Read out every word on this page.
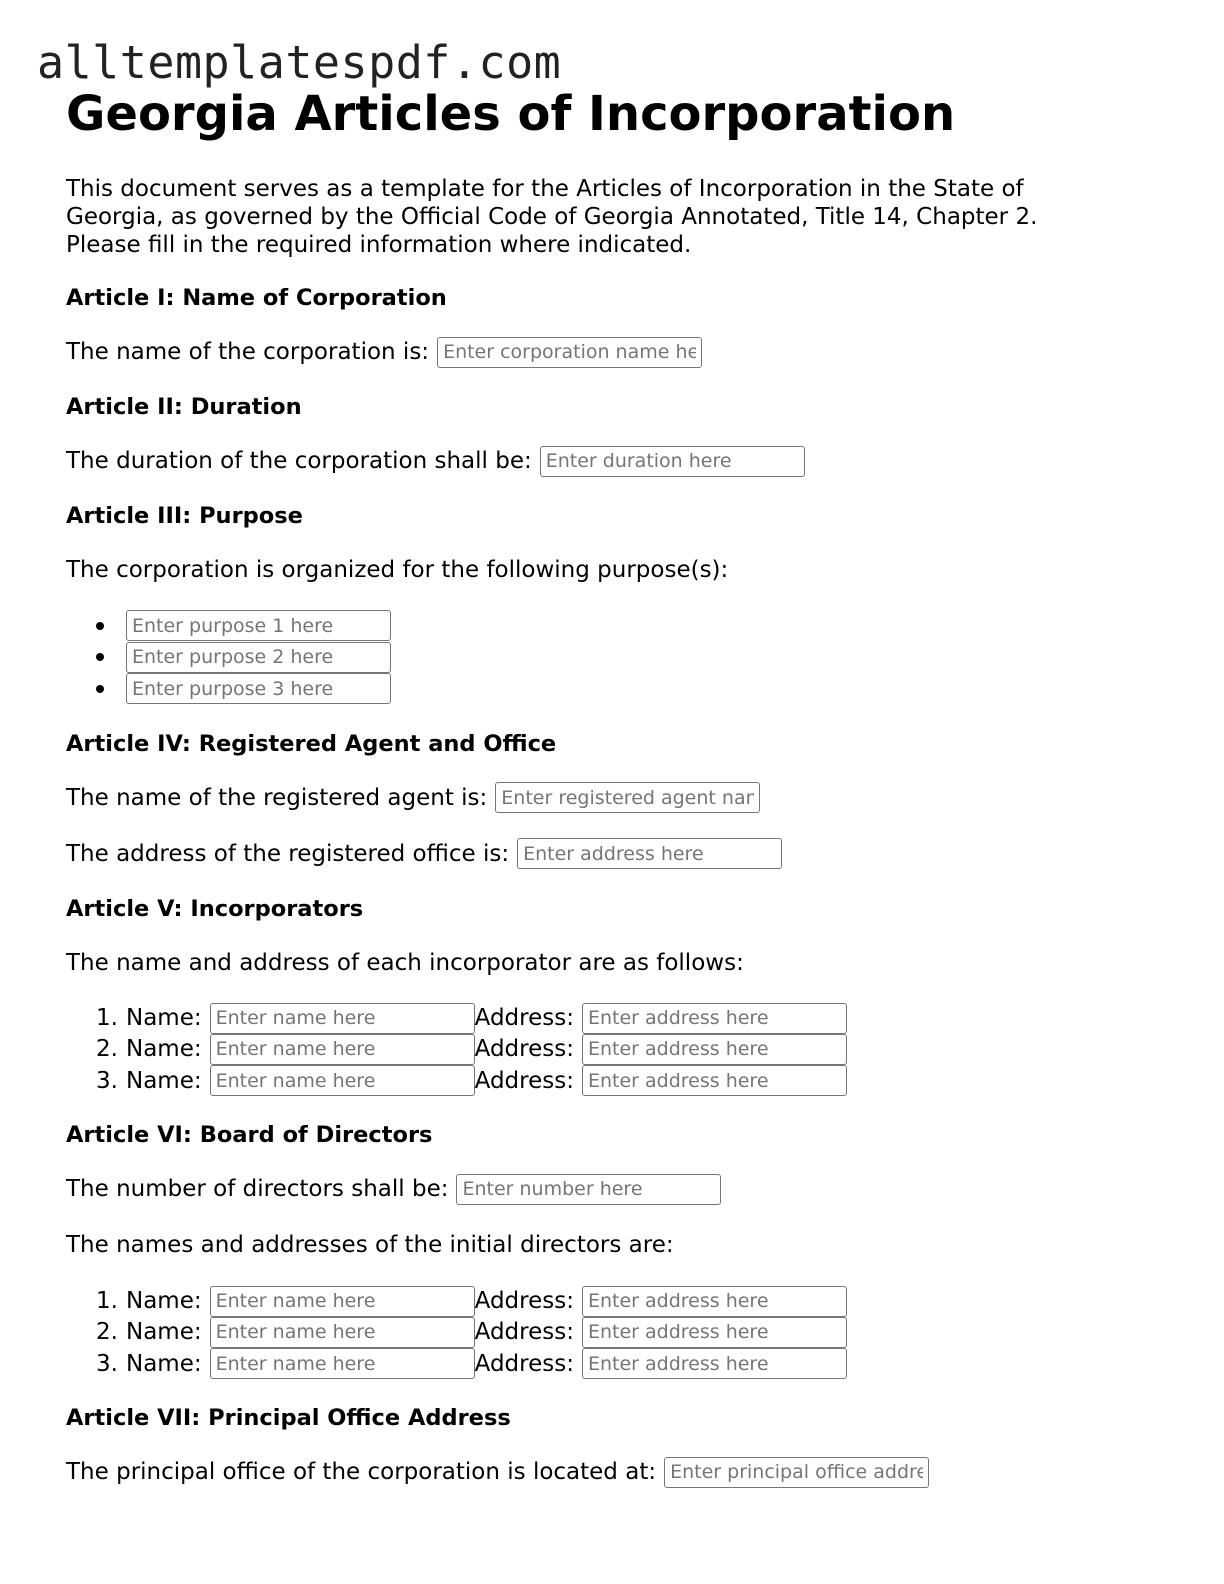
alltemplatespdf.com
Georgia Articles of Incorporation

This document serves as a template for the Articles of Incorporation in the State of Georgia, as governed by the Official Code of Georgia Annotated, Title 14, Chapter 2. Please fill in the required information where indicated.

Article I: Name of Corporation
The name of the corporation is:
Enter corporation name here
Article II: Duration
The duration of the corporation shall be:
Enter duration here
Article III: Purpose
The corporation is organized for the following purpose(s):
Enter purpose 1 here
Enter purpose 2 here
Enter purpose 3 here
Article IV: Registered Agent and Office
The name of the registered agent is:
Enter registered agent name here
The address of the registered office is:
Enter address here
Article V: Incorporators
The name and address of each incorporator are as follows:
1. Name:
Enter name here	Address:
Enter address here
2. Name:
Enter name here	Address:
Enter address here
3. Name:
Enter name here	Address:
Enter address here
Article VI: Board of Directors
The number of directors shall be:
Enter number here
The names and addresses of the initial directors are:
1. Name:
Enter name here	Address:
Enter address here
2. Name:
Enter name here	Address:
Enter address here
3. Name:
Enter name here	Address:
Enter address here
Article VII: Principal Office Address
The principal office of the corporation is located at:
Enter principal office address here
